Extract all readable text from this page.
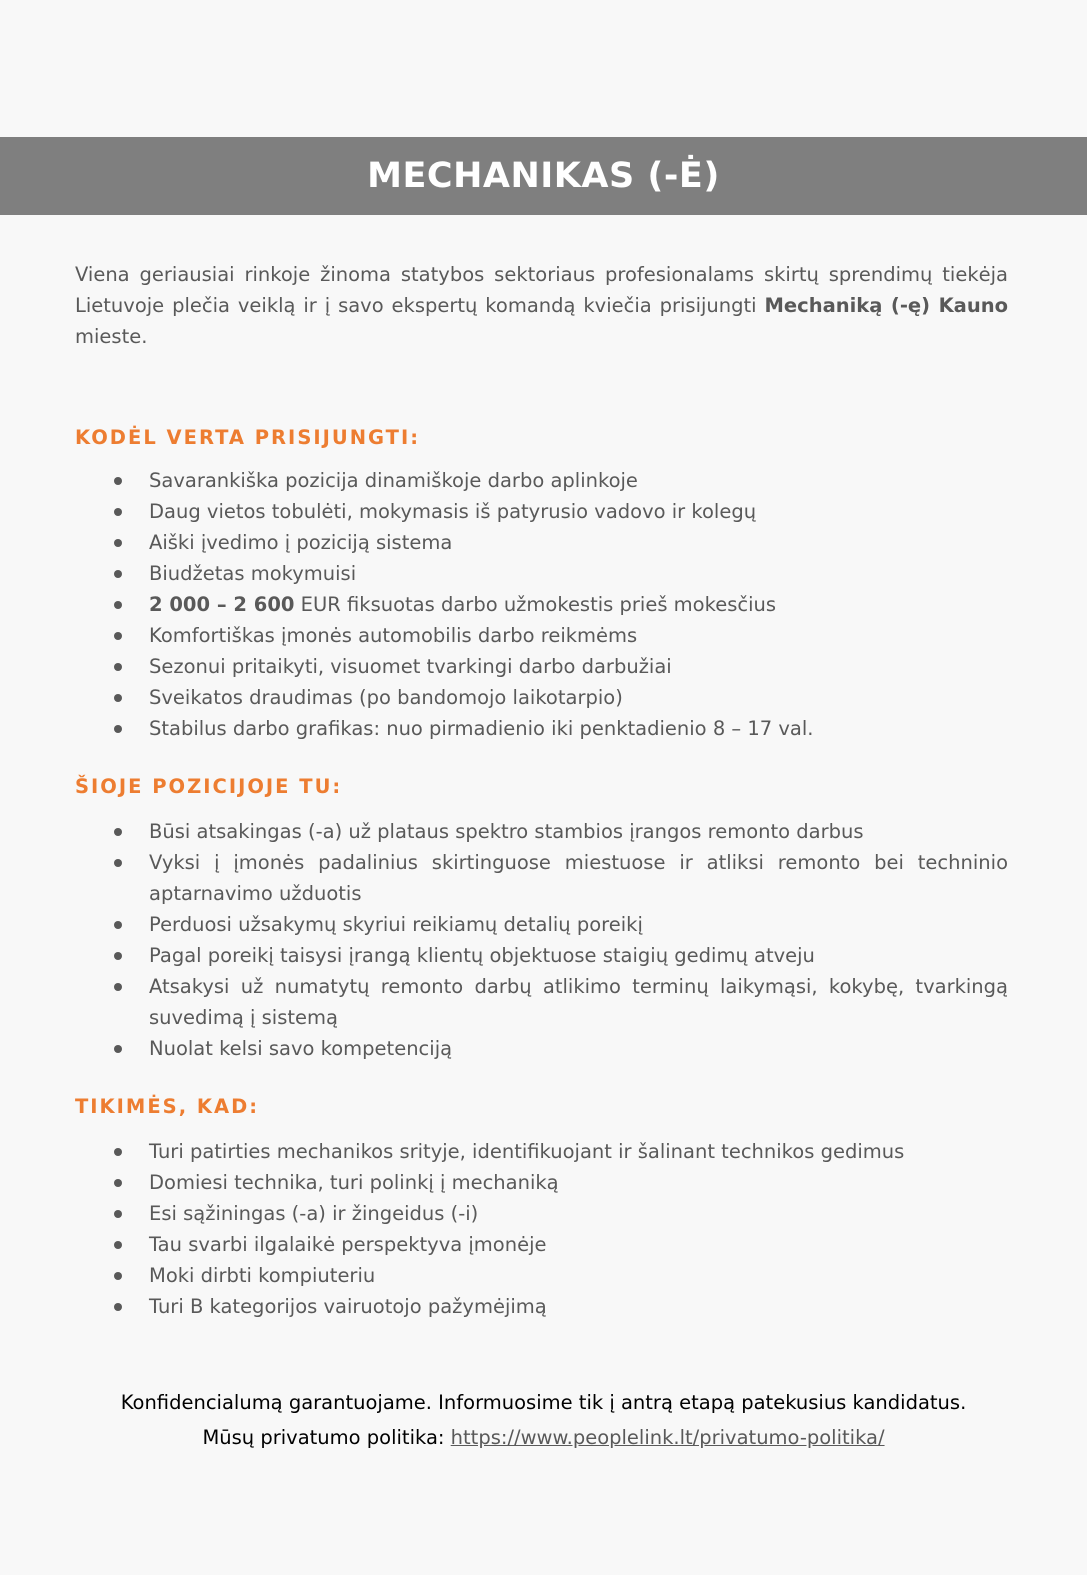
MECHANIKAS (-Ė)

Viena geriausiai rinkoje žinoma statybos sektoriaus profesionalams skirtų sprendimų tiekėja Lietuvoje plečia veiklą ir į savo ekspertų komandą kviečia prisijungti Mechaniką (-ę) Kauno mieste.

KODĖL VERTA PRISIJUNGTI:
Savarankiška pozicija dinamiškoje darbo aplinkoje
Daug vietos tobulėti, mokymasis iš patyrusio vadovo ir kolegų
Aiški įvedimo į poziciją sistema
Biudžetas mokymuisi
2 000 – 2 600 EUR fiksuotas darbo užmokestis prieš mokesčius
Komfortiškas įmonės automobilis darbo reikmėms
Sezonui pritaikyti, visuomet tvarkingi darbo darbužiai
Sveikatos draudimas (po bandomojo laikotarpio)
Stabilus darbo grafikas: nuo pirmadienio iki penktadienio 8 – 17 val.
ŠIOJE POZICIJOJE TU:
Būsi atsakingas (-a) už plataus spektro stambios įrangos remonto darbus
Vyksi į įmonės padalinius skirtinguose miestuose ir atliksi remonto bei techninio aptarnavimo užduotis
Perduosi užsakymų skyriui reikiamų detalių poreikį
Pagal poreikį taisysi įrangą klientų objektuose staigių gedimų atveju
Atsakysi už numatytų remonto darbų atlikimo terminų laikymąsi, kokybę, tvarkingą suvedimą į sistemą
Nuolat kelsi savo kompetenciją
TIKIMĖS, KAD:
Turi patirties mechanikos srityje, identifikuojant ir šalinant technikos gedimus
Domiesi technika, turi polinkį į mechaniką
Esi sąžiningas (-a) ir žingeidus (-i)
Tau svarbi ilgalaikė perspektyva įmonėje
Moki dirbti kompiuteriu
Turi B kategorijos vairuotojo pažymėjimą
Konfidencialumą garantuojame. Informuosime tik į antrą etapą patekusius kandidatus.
Mūsų privatumo politika: https://www.peoplelink.lt/privatumo-politika/
